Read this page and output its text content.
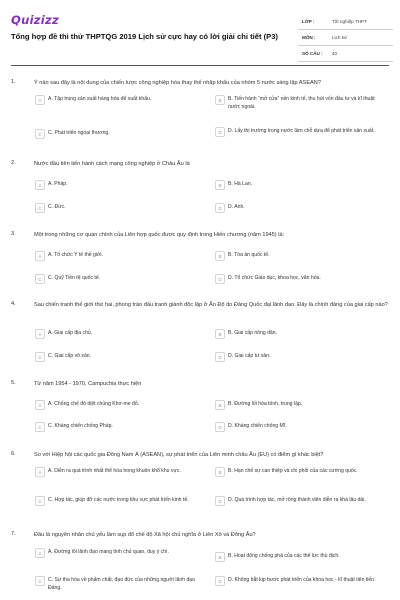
Quizizz
Tổng hợp đề thi thử THPTQG 2019 Lịch sử cực hay có lời giải chi tiết (P3)
LỚP :	Tốt nghiệp THPT
MÔN :	Lịch sử
SỐ CÂU :	40
1.	Ý nào sau đây là nội dung của chiến lược công nghiệp hóa thay thế nhập khẩu của nhóm 5 nước sáng lập ASEAN?
A	A. Tập trung sản xuất hàng hóa để xuất khẩu.	B	B. Tiến hành “mở cửa” nền kinh tế, thu hút vốn đầu tư và kĩ thuật nước ngoài.
C	C. Phát triển ngoại thương.	D	D. Lấy thị trường trong nước làm chỗ dựa để phát triển sản xuất.
2.	Nước đầu tiên tiến hành cách mạng công nghiệp ở Châu Âu là
A	A. Pháp.	B	B. Hà Lan.
C	C. Đức.	D	D. Anh.
3.	Một trong những cơ quan chính của Liên hợp quốc được quy định trong Hiến chương (năm 1945) là:
A	A. Tổ chức Y tế thế giới.	B	B. Tòa án quốc tế.
C	C. Quỹ Tiền tệ quốc tế.	D	D. Tổ chức Giáo dục, khoa học, văn hóa.
4.	Sau chiến tranh thế giới thứ hai, phong trào đấu tranh giành độc lập ở Ấn Độ do Đảng Quốc đại lãnh đạo. Đây là chính đảng của giai cấp nào?
A	A. Giai cấp địa chủ.	B	B. Giai cấp nông dân.
C	C. Giai cấp vô sản.	D	D. Giai cấp tư sản.
5.	Từ năm 1954 - 1970, Campuchia thực hiện
A	A. Chống chế độ diệt chủng Khơ-me đỏ.	B	B. Đường lối hòa bình, trung lập.
C	C. Kháng chiến chống Pháp.	D	D. Kháng chiến chống Mĩ.
6.	So với Hiệp hội các quốc gia Đông Nam Á (ASEAN), sự phát triển của Liên minh châu Âu (EU) có điểm gì khác biệt?
A	A. Diễn ra quá trình nhất thể hóa trong khuôn khổ khu vực.	B	B. Hạn chế sự can thiệp và chi phối của các cường quốc.
C	C. Hợp tác, giúp đỡ các nước trong khu vực phát triển kinh tế.	D	D. Quá trình hợp tác, mở rộng thành viên diễn ra khá lâu dài.
7.	Đâu là nguyên nhân chủ yếu làm sụp đổ chế độ Xã hội chủ nghĩa ở Liên Xô và Đông Âu?
A	A. Đường lối lãnh đạo mang tính chủ quan, duy ý chí.
B	B. Hoạt động chống phá của các thế lực thù địch.
C	C. Sự tha hóa về phẩm chất, đạo đức của những người lãnh đạo Đảng.
D	D. Không bắt kịp bước phát triển của khoa học - kĩ thuật tiên tiến.
